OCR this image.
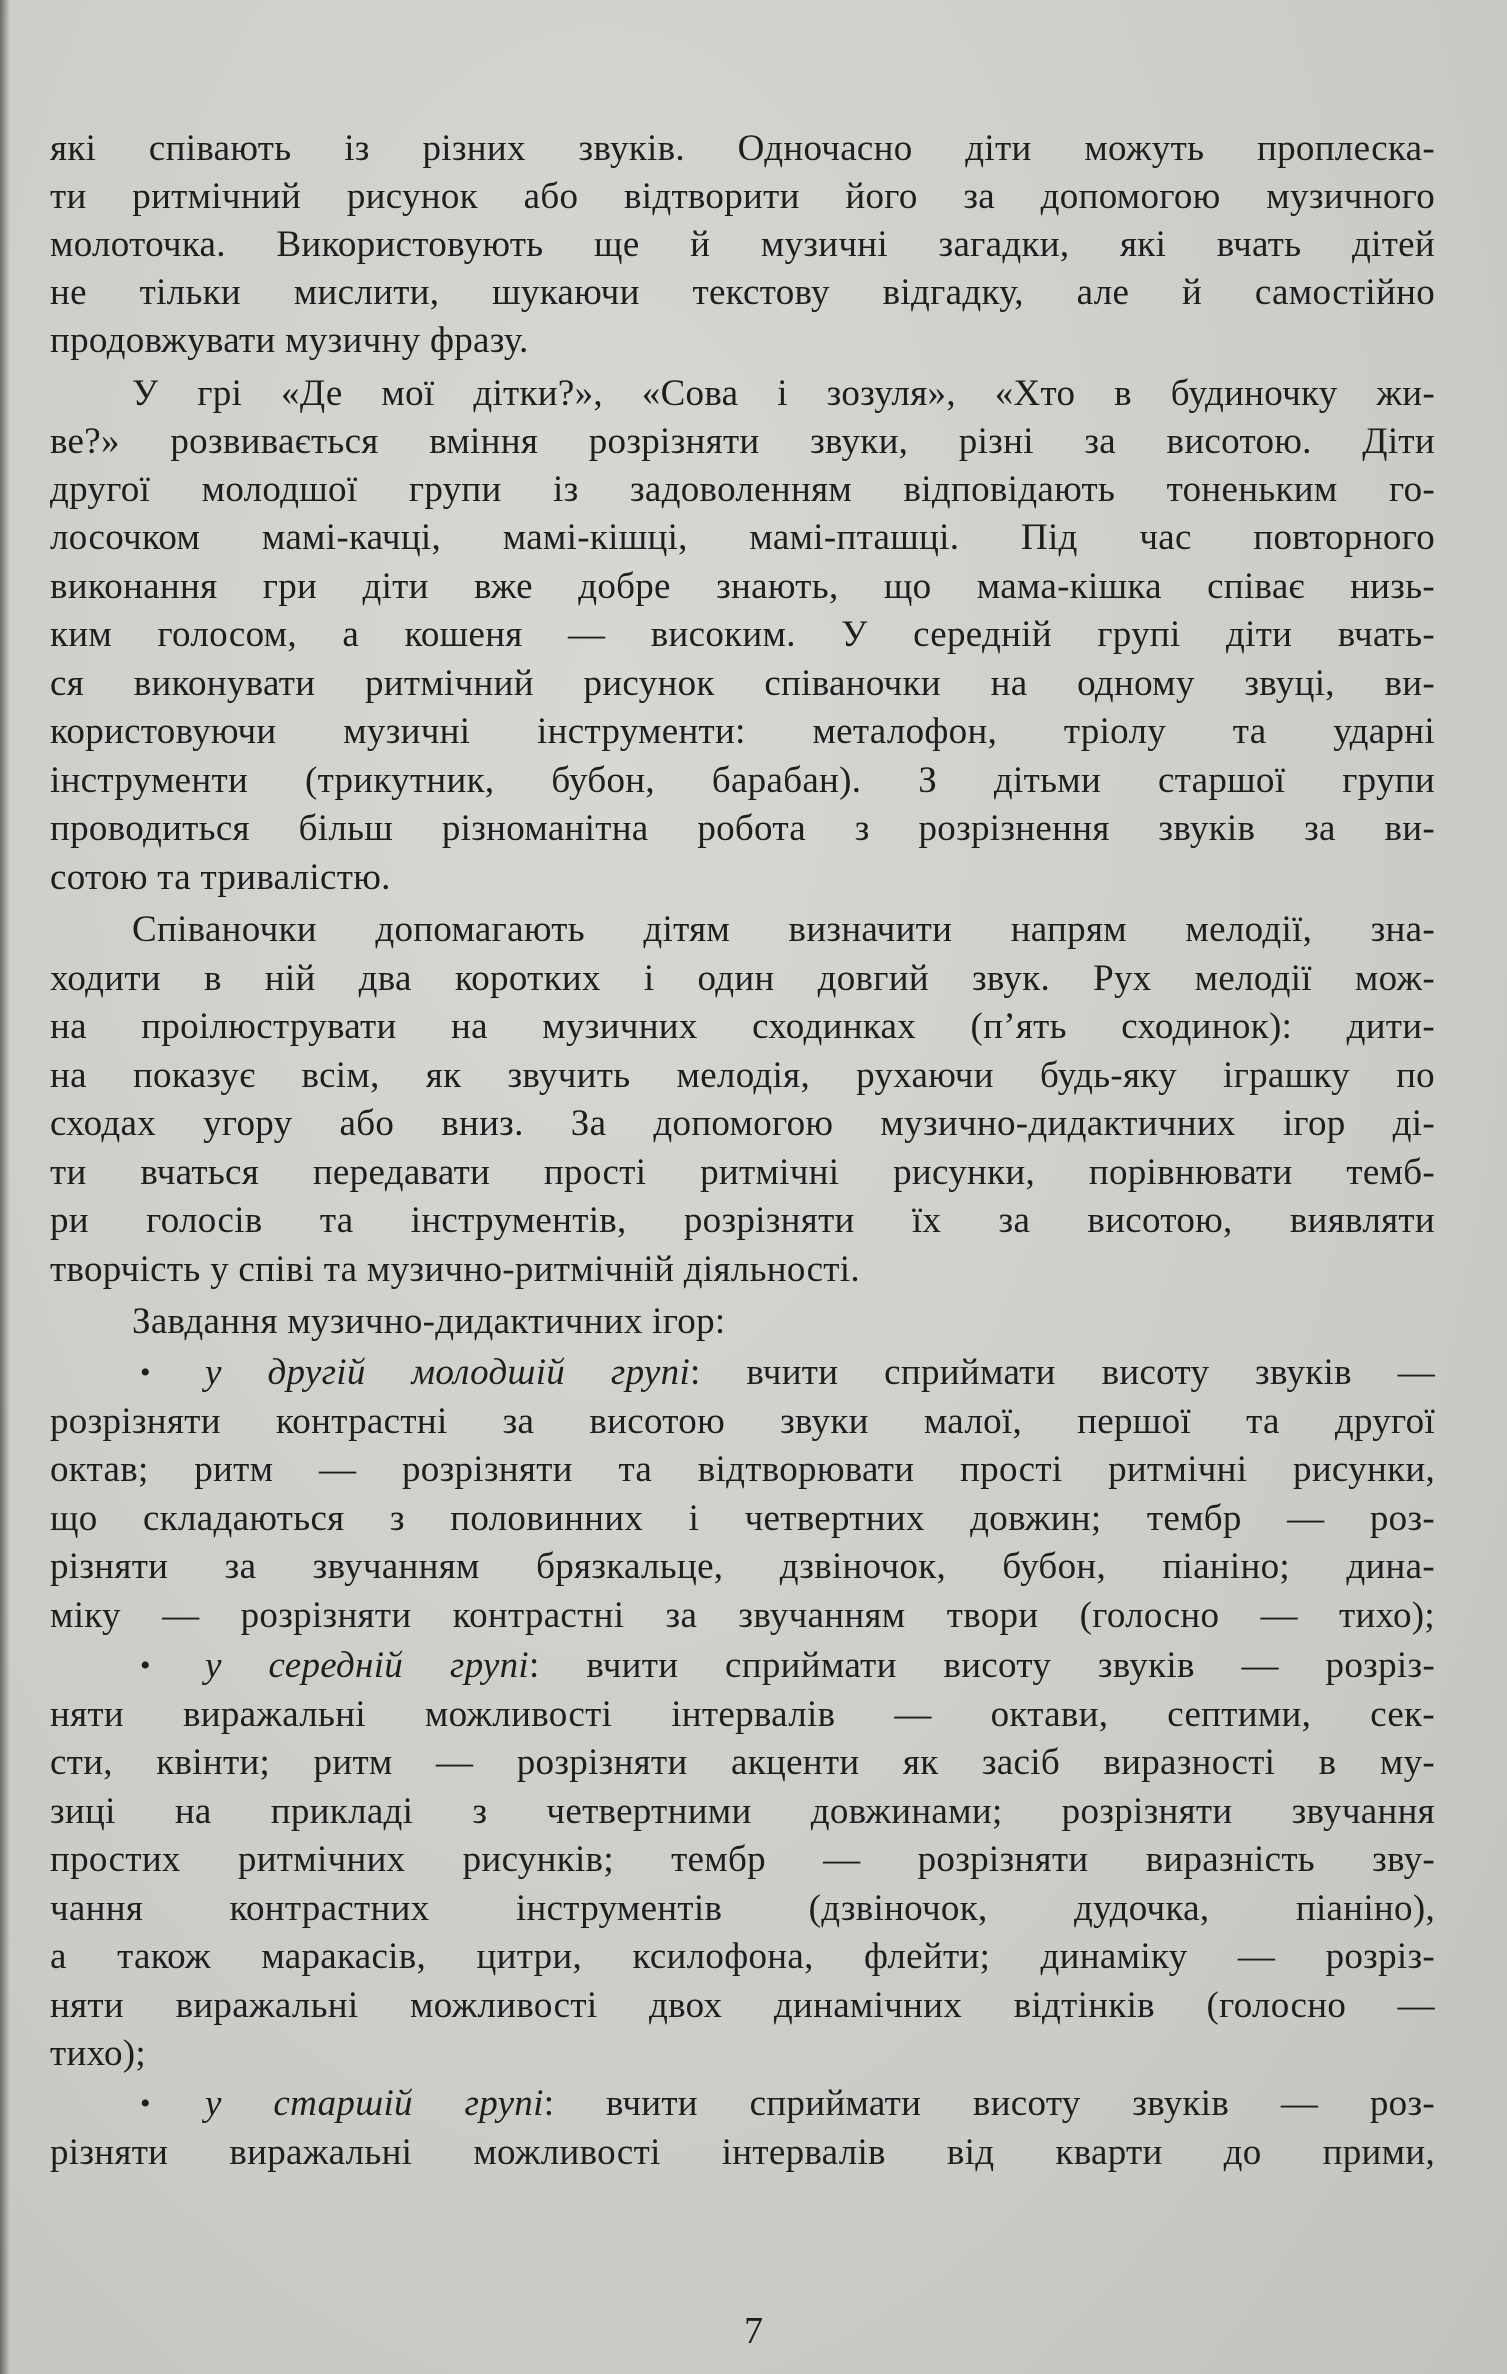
які співають із різних звуків. Одночасно діти можуть проплеска-
ти ритмічний рисунок або відтворити його за допомогою музичного
молоточка. Використовують ще й музичні загадки, які вчать дітей
не тільки мислити, шукаючи текстову відгадку, але й самостійно
продовжувати музичну фразу.
У грі «Де мої дітки?», «Сова і зозуля», «Хто в будиночку жи-
ве?» розвивається вміння розрізняти звуки, різні за висотою. Діти
другої молодшої групи із задоволенням відповідають тоненьким го-
лосочком мамі-качці, мамі-кішці, мамі-пташці. Під час повторного
виконання гри діти вже добре знають, що мама-кішка співає низь-
ким голосом, а кошеня — високим. У середній групі діти вчать-
ся виконувати ритмічний рисунок співаночки на одному звуці, ви-
користовуючи музичні інструменти: металофон, тріолу та ударні
інструменти (трикутник, бубон, барабан). З дітьми старшої групи
проводиться більш різноманітна робота з розрізнення звуків за ви-
сотою та тривалістю.
Співаночки допомагають дітям визначити напрям мелодії, зна-
ходити в ній два коротких і один довгий звук. Рух мелодії мож-
на проілюструвати на музичних сходинках (п’ять сходинок): дити-
на показує всім, як звучить мелодія, рухаючи будь-яку іграшку по
сходах угору або вниз. За допомогою музично-дидактичних ігор ді-
ти вчаться передавати прості ритмічні рисунки, порівнювати темб-
ри голосів та інструментів, розрізняти їх за висотою, виявляти
творчість у співі та музично-ритмічній діяльності.
Завдання музично-дидактичних ігор:
• у другій молодшій групі: вчити сприймати висоту звуків —
розрізняти контрастні за висотою звуки малої, першої та другої
октав; ритм — розрізняти та відтворювати прості ритмічні рисунки,
що складаються з половинних і четвертних довжин; тембр — роз-
різняти за звучанням брязкальце, дзвіночок, бубон, піаніно; дина-
міку — розрізняти контрастні за звучанням твори (голосно — тихо);
• у середній групі: вчити сприймати висоту звуків — розріз-
няти виражальні можливості інтервалів — октави, септими, сек-
сти, квінти; ритм — розрізняти акценти як засіб виразності в му-
зиці на прикладі з четвертними довжинами; розрізняти звучання
простих ритмічних рисунків; тембр — розрізняти виразність зву-
чання контрастних інструментів (дзвіночок, дудочка, піаніно),
а також маракасів, цитри, ксилофона, флейти; динаміку — розріз-
няти виражальні можливості двох динамічних відтінків (голосно —
тихо);
• у старшій групі: вчити сприймати висоту звуків — роз-
різняти виражальні можливості інтервалів від кварти до прими,
7
